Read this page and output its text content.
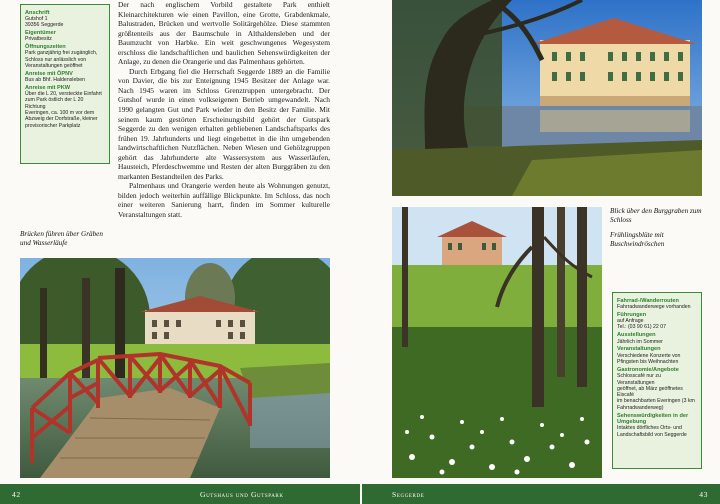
Anschrift
Gutshof 1
39356 Seggerde
Eigentümer
Privatbesitz
Öffnungszeiten
Park ganzjährig frei zugänglich,
Schloss nur anlässlich von
Veranstaltungen geöffnet
Anreise mit ÖPNV
Bus ab Bhf. Haldensleben
Anreise mit PKW
Über die L 20, versteckte Einfahrt
zum Park östlich der L 20 Richtung
Everingen, ca. 100 m vor dem
Abzweig der Dorfstraße, kleiner
provisorischer Parkplatz
Brücken führen über Gräben und Wasserläufe

Der nach englischem Vorbild gestaltete Park enthielt Kleinarchitekturen wie einen Pavillon, eine Grotte, Grabdenkmale, Balustraden, Brücken und wertvolle Solitärgehölze. Diese stammten größtenteils aus der Baumschule in Althaldensleben und der Baumzucht von Harbke. Ein weit geschwungenes Wegesystem erschloss die landschaftlichen und baulichen Sehenswürdigkeiten der Anlage, zu denen die Orangerie und das Palmenhaus gehörten.

Durch Erbgang fiel die Herrschaft Seggerde 1889 an die Familie von Davier, die bis zur Enteignung 1945 Besitzer der Anlage war. Nach 1945 waren im Schloss Grenztruppen untergebracht. Der Gutshof wurde in einen volkseigenen Betrieb umgewandelt. Nach 1990 gelangten Gut und Park wieder in den Besitz der Familie. Mit seinem kaum gestörten Erscheinungsbild gehört der Gutspark Seggerde zu den wenigen erhalten gebliebenen Landschaftsparks des frühen 19. Jahrhunderts und liegt eingebettet in die ihn umgebenden landwirtschaftlichen Nutzflächen. Neben Wiesen und Gehölzgruppen gehört das Jahrhunderte alte Wassersystem aus Wasserläufen, Hausteich, Pferdeschwemme und Resten der alten Burggräben zu den markanten Bestandteilen des Parks.

Palmenhaus und Orangerie werden heute als Wohnungen genutzt, bilden jedoch weiterhin auffällige Blickpunkte. Im Schloss, das noch einer weiteren Sanierung harrt, finden im Sommer kulturelle Veranstaltungen statt.	Blick über den Burggraben zum Schloss
Frühlingsblüte mit Buschwindröschen
Fahrrad-/Wanderrouten
Fahrradwanderwege vorhanden
Führungen
auf Anfrage
Tel.: (03 90 61) 22 07
Ausstellungen
Jährlich im Sommer
Veranstaltungen
Verschiedene Konzerte von
Pfingsten bis Weihnachten
Gastronomie/Angebote
Schlosscafé nur zu Veranstaltungen
geöffnet, ab März geöffnetes Eiscafé
im benachbarten Everingen (3 km
Fahrradwanderweg)
Sehenswürdigkeiten in der Umgebung
Intaktes dörfliches Orts- und
Landschaftsbild von Seggerde
42	Gutshaus und Gutspark	Seggerde	43
